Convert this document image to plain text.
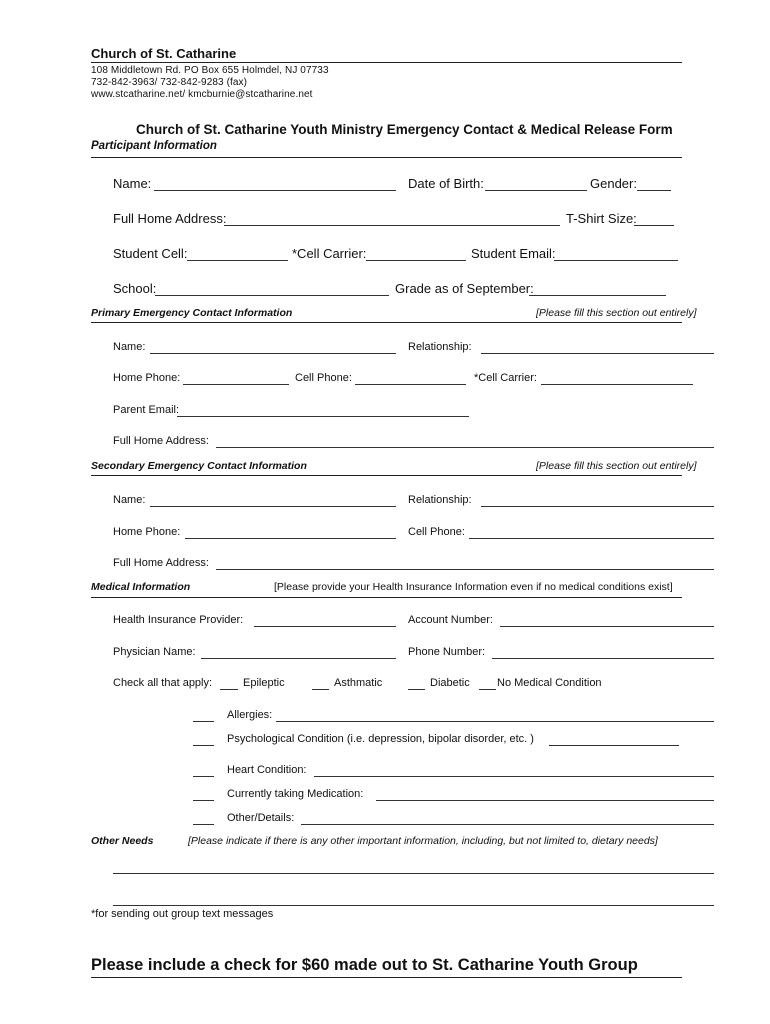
Church of St. Catharine
108 Middletown Rd. PO Box 655 Holmdel, NJ 07733
732-842-3963/ 732-842-9283 (fax)
www.stcatharine.net/ kmcburnie@stcatharine.net
Church of St. Catharine Youth Ministry Emergency Contact & Medical Release Form
Participant Information
Name:	Date of Birth:	Gender:
Full Home Address:	T-Shirt Size:
Student Cell:	*Cell Carrier:	Student Email:
School:	Grade as of September:
Primary Emergency Contact Information	[Please fill this section out entirely]
Name:	Relationship:
Home Phone:	Cell Phone:	*Cell Carrier:
Parent Email:
Full Home Address:
Secondary Emergency Contact Information	[Please fill this section out entirely]
Name:	Relationship:
Home Phone:	Cell Phone:
Full Home Address:
Medical Information	[Please provide your Health Insurance Information even if no medical conditions exist]
Health Insurance Provider:	Account Number:
Physician Name:	Phone Number:
Check all that apply:	Epileptic	Asthmatic	Diabetic No Medical Condition
Allergies:
Psychological Condition (i.e. depression, bipolar disorder, etc. )
Heart Condition:
Currently taking Medication:
Other/Details:
Other Needs	[Please indicate if there is any other important information, including, but not limited to, dietary needs]
*for sending out group text messages
Please include a check for $60 made out to St. Catharine Youth Group
